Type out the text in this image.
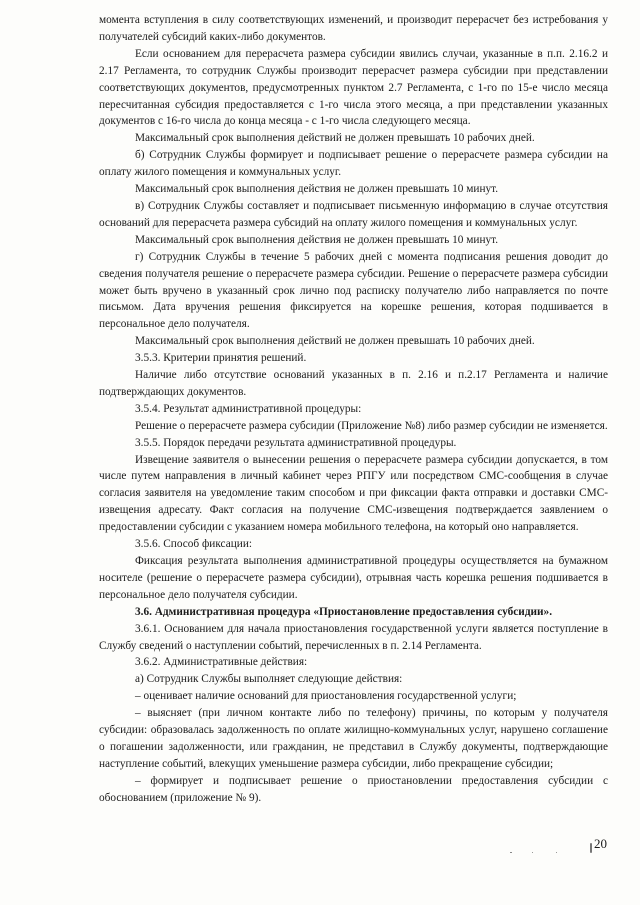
момента вступления в силу соответствующих изменений, и производит перерасчет без истребования у получателей субсидий каких-либо документов.

Если основанием для перерасчета размера субсидии явились случаи, указанные в п.п. 2.16.2 и 2.17 Регламента, то сотрудник Службы производит перерасчет размера субсидии при представлении соответствующих документов, предусмотренных пунктом 2.7 Регламента, с 1-го по 15-е число месяца пересчитанная субсидия предоставляется с 1-го числа этого месяца, а при представлении указанных документов с 16-го числа до конца месяца - с 1-го числа следующего месяца.

Максимальный срок выполнения действий не должен превышать 10 рабочих дней.

б) Сотрудник Службы формирует и подписывает решение о перерасчете размера субсидии на оплату жилого помещения и коммунальных услуг.

Максимальный срок выполнения действия не должен превышать 10 минут.

в) Сотрудник Службы составляет и подписывает письменную информацию в случае отсутствия оснований для перерасчета размера субсидий на оплату жилого помещения и коммунальных услуг.

Максимальный срок выполнения действия не должен превышать 10 минут.

г) Сотрудник Службы в течение 5 рабочих дней с момента подписания решения доводит до сведения получателя решение о перерасчете размера субсидии. Решение о перерасчете размера субсидии может быть вручено в указанный срок лично под расписку получателю либо направляется по почте письмом. Дата вручения решения фиксируется на корешке решения, которая подшивается в персональное дело получателя.

Максимальный срок выполнения действий не должен превышать 10 рабочих дней.

3.5.3. Критерии принятия решений.

Наличие либо отсутствие оснований указанных в п. 2.16 и п.2.17 Регламента и наличие подтверждающих документов.

3.5.4. Результат административной процедуры:

Решение о перерасчете размера субсидии (Приложение №8) либо размер субсидии не изменяется.

3.5.5. Порядок передачи результата административной процедуры.

Извещение заявителя о вынесении решения о перерасчете размера субсидии допускается, в том числе путем направления в личный кабинет через РПГУ или посредством СМС-сообщения в случае согласия заявителя на уведомление таким способом и при фиксации факта отправки и доставки СМС-извещения адресату. Факт согласия на получение СМС-извещения подтверждается заявлением о предоставлении субсидии с указанием номера мобильного телефона, на который оно направляется.

3.5.6. Способ фиксации:

Фиксация результата выполнения административной процедуры осуществляется на бумажном носителе (решение о перерасчете размера субсидии), отрывная часть корешка решения подшивается в персональное дело получателя субсидии.

3.6. Административная процедура «Приостановление предоставления субсидии».

3.6.1. Основанием для начала приостановления государственной услуги является поступление в Службу сведений о наступлении событий, перечисленных в п. 2.14 Регламента.

3.6.2. Административные действия:

а) Сотрудник Службы выполняет следующие действия:

– оценивает наличие оснований для приостановления государственной услуги;

– выясняет (при личном контакте либо по телефону) причины, по которым у получателя субсидии: образовалась задолженность по оплате жилищно-коммунальных услуг, нарушено соглашение о погашении задолженности, или гражданин, не представил в Службу документы, подтверждающие наступление событий, влекущих уменьшение размера субсидии, либо прекращение субсидии;

– формирует и подписывает решение о приостановлении предоставления субсидии с обоснованием (приложение № 9).

20
